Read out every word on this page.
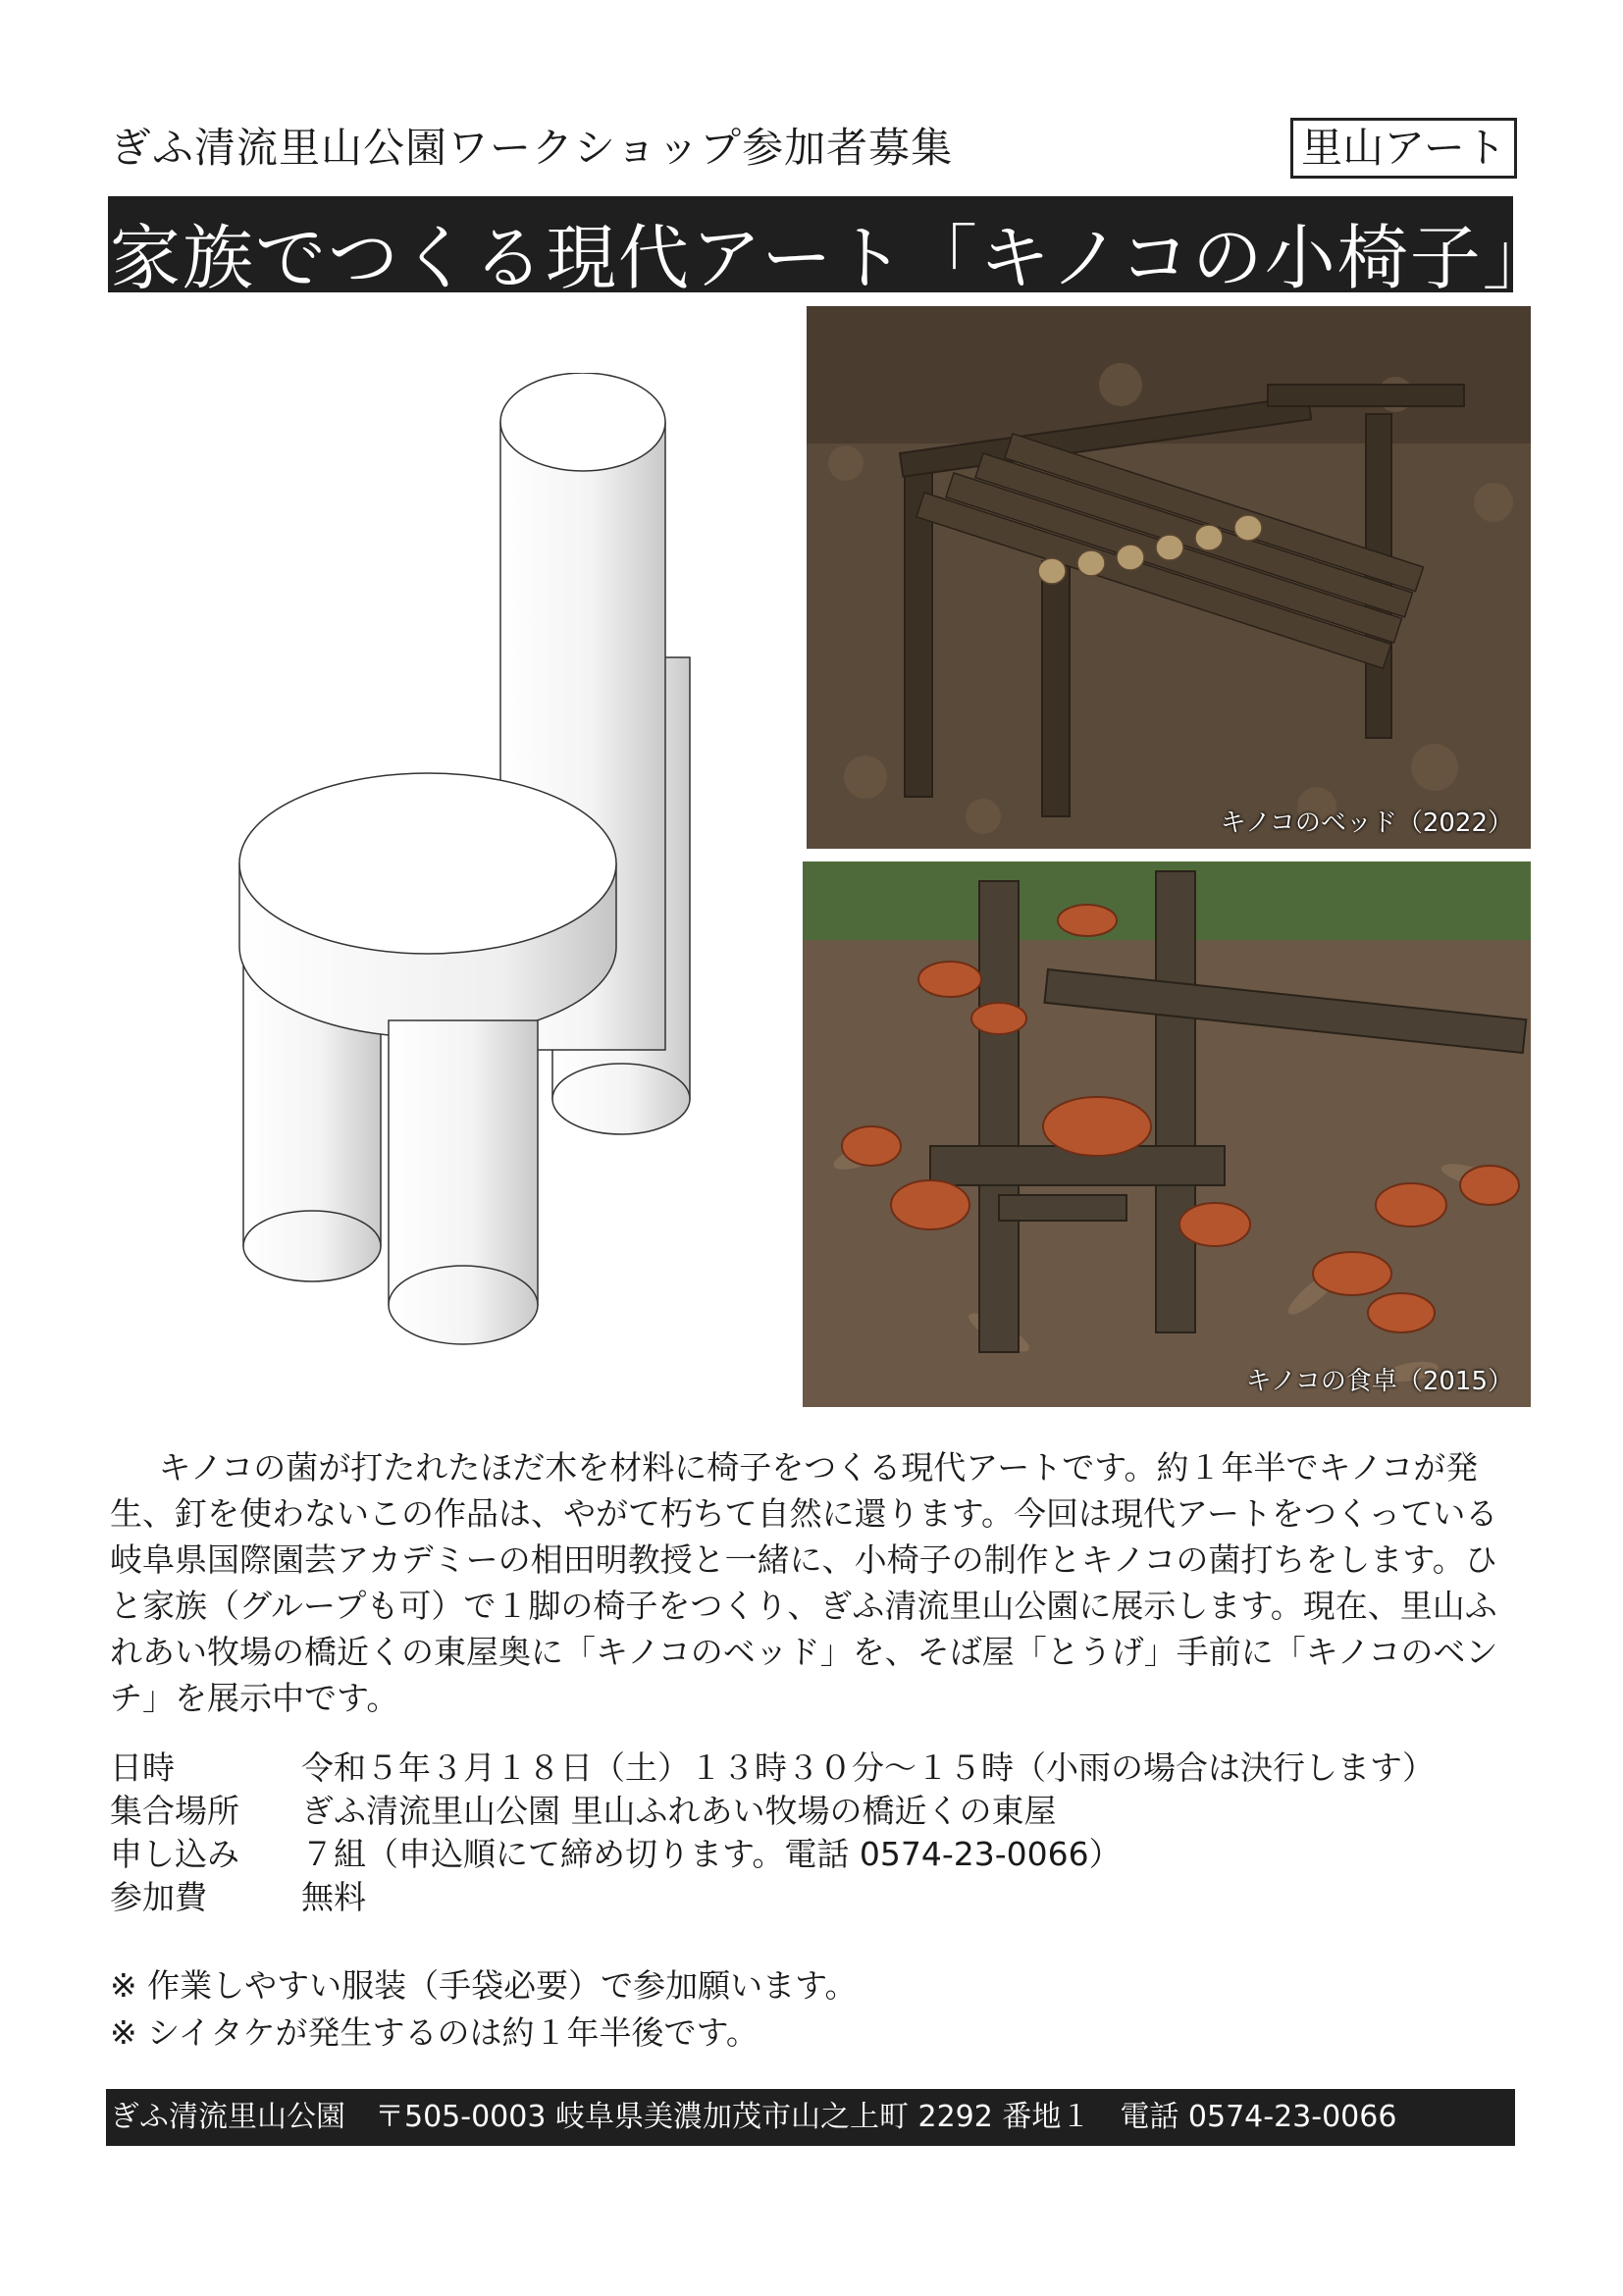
ぎふ清流里山公園ワークショップ参加者募集	里山アート
家族でつくる現代アート「キノコの小椅子」
キノコのベッド（2022）
キノコの食卓（2015）
キノコの菌が打たれたほだ木を材料に椅子をつくる現代アートです。約１年半でキノコが発生、釘を使わないこの作品は、やがて朽ちて自然に還ります。今回は現代アートをつくっている岐阜県国際園芸アカデミーの相田明教授と一緒に、小椅子の制作とキノコの菌打ちをします。ひと家族（グループも可）で１脚の椅子をつくり、ぎふ清流里山公園に展示します。現在、里山ふれあい牧場の橋近くの東屋奥に「キノコのベッド」を、そば屋「とうげ」手前に「キノコのベンチ」を展示中です。
日時	令和５年３月１８日（土）１３時３０分～１５時（小雨の場合は決行します）
集合場所	ぎふ清流里山公園 里山ふれあい牧場の橋近くの東屋
申し込み	７組（申込順にて締め切ります。電話 0574-23-0066）
参加費	無料
※ 作業しやすい服装（手袋必要）で参加願います。
※ シイタケが発生するのは約１年半後です。
ぎふ清流里山公園　〒505-0003 岐阜県美濃加茂市山之上町 2292 番地１　電話 0574-23-0066
